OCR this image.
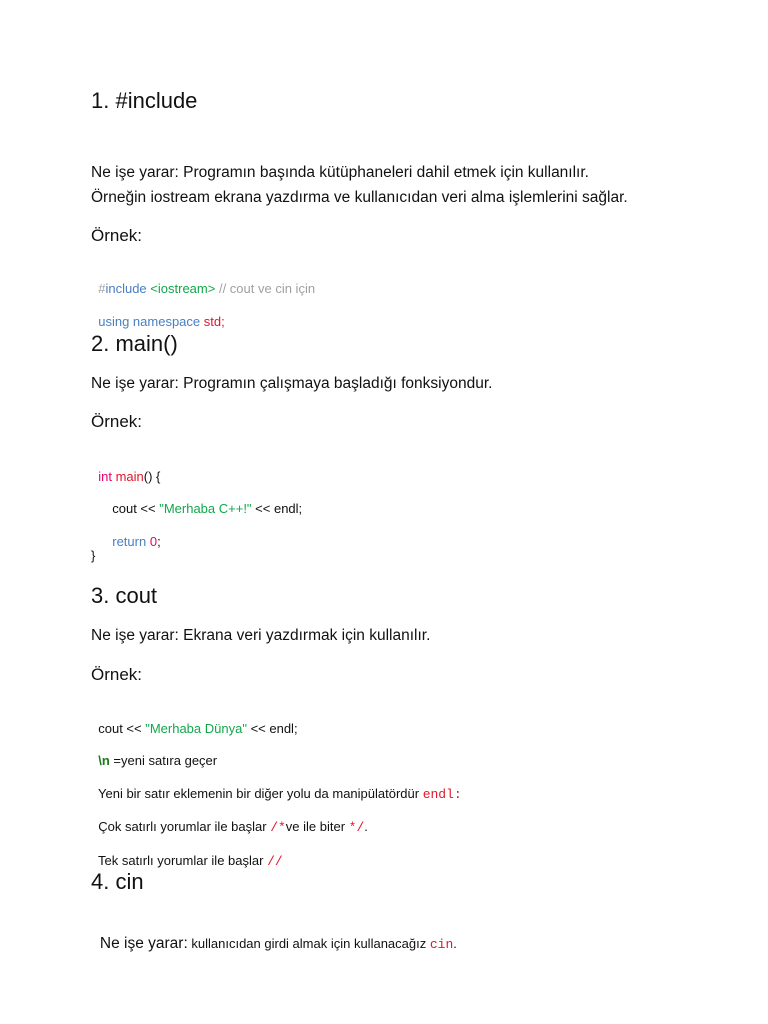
1. #include
Ne işe yarar: Programın başında kütüphaneleri dahil etmek için kullanılır.
Örneğin iostream ekrana yazdırma ve kullanıcıdan veri alma işlemlerini sağlar.
Örnek:

#include <iostream> // cout ve cin için

using namespace std;

2. main()
Ne işe yarar: Programın çalışmaya başladığı fonksiyondur.
Örnek:

int main() {

cout << "Merhaba C++!" << endl;

return 0;

}
3. cout
Ne işe yarar: Ekrana veri yazdırmak için kullanılır.
Örnek:

cout << "Merhaba Dünya" << endl;

\n =yeni satıra geçer

Yeni bir satır eklemenin bir diğer yolu da manipülatördür endl:

Çok satırlı yorumlar ile başlar /*ve ile biter */.

Tek satırlı yorumlar ile başlar //

4. cin

Ne işe yarar: kullanıcıdan girdi almak için kullanacağız cin.
